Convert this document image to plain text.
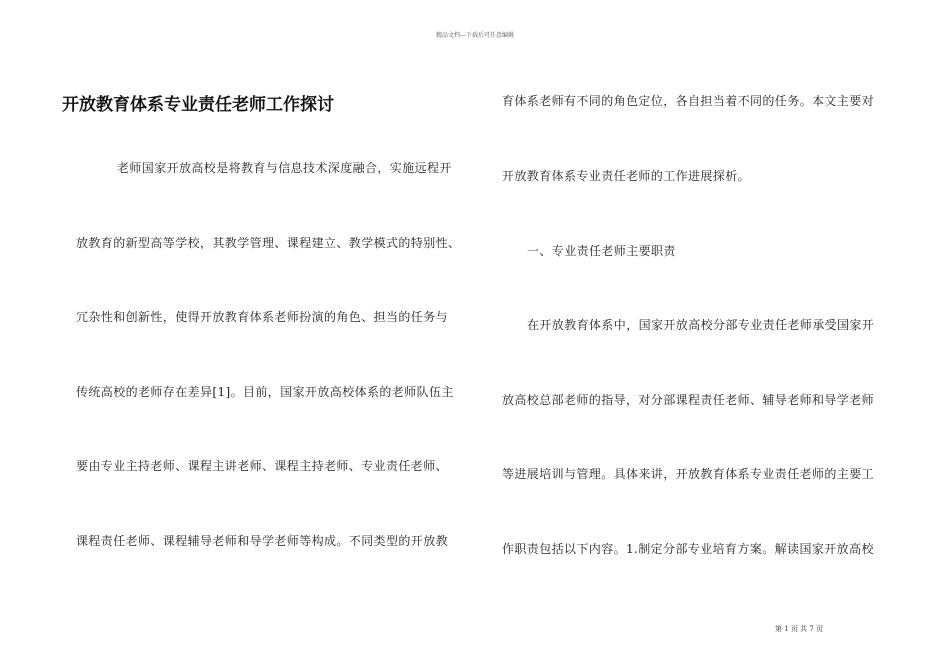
精品文档---下载后可任意编辑
开放教育体系专业责任老师工作探讨
老师国家开放高校是将教育与信息技术深度融合，实施远程开
放教育的新型高等学校，其教学管理、课程建立、教学模式的特别性、
冗杂性和创新性，使得开放教育体系老师扮演的角色、担当的任务与
传统高校的老师存在差异[1]。目前，国家开放高校体系的老师队伍主
要由专业主持老师、课程主讲老师、课程主持老师、专业责任老师、
课程责任老师、课程辅导老师和导学老师等构成。不同类型的开放教
育体系老师有不同的角色定位，各自担当着不同的任务。本文主要对
开放教育体系专业责任老师的工作进展探析。
一、专业责任老师主要职责
在开放教育体系中，国家开放高校分部专业责任老师承受国家开
放高校总部老师的指导，对分部课程责任老师、辅导老师和导学老师
等进展培训与管理。具体来讲，开放教育体系专业责任老师的主要工
作职责包括以下内容。1.制定分部专业培育方案。解读国家开放高校
第 1 页 共 7 页
